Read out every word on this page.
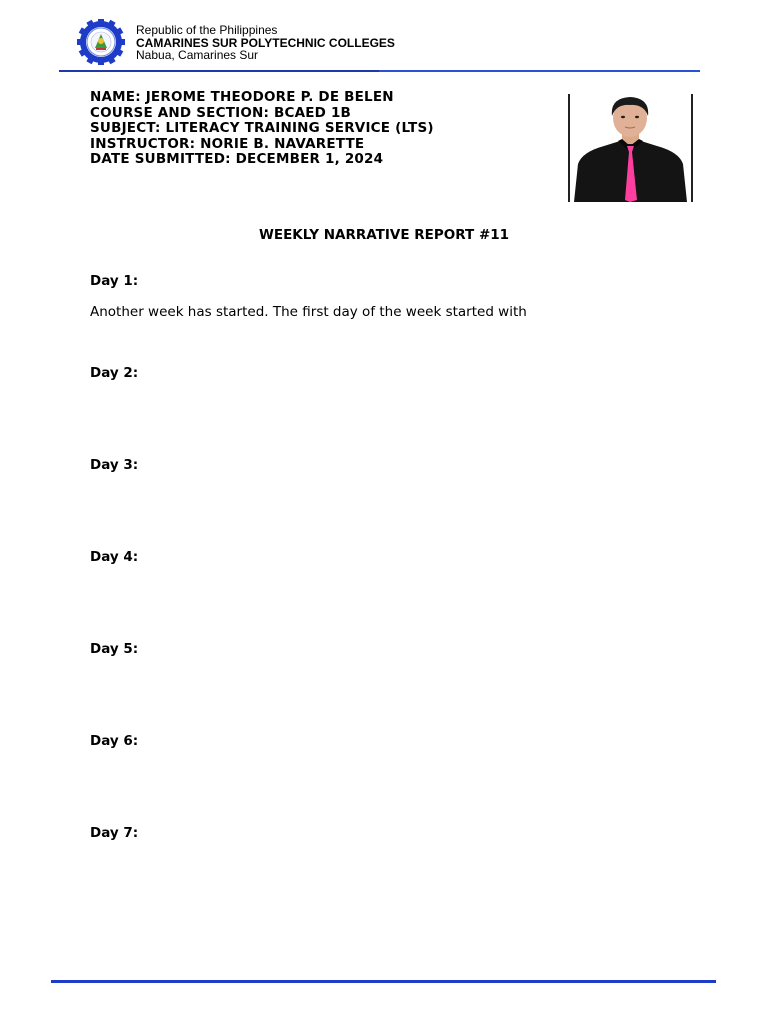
Republic of the Philippines
CAMARINES SUR POLYTECHNIC COLLEGES
Nabua, Camarines Sur
NAME: JEROME THEODORE P. DE BELEN
COURSE AND SECTION: BCAED 1B
SUBJECT: LITERACY TRAINING SERVICE (LTS)
INSTRUCTOR: NORIE B. NAVARETTE
DATE SUBMITTED: DECEMBER 1, 2024
WEEKLY NARRATIVE REPORT #11
Day 1:
Another week has started. The first day of the week started with
Day 2:
Day 3:
Day 4:
Day 5:
Day 6:
Day 7:
